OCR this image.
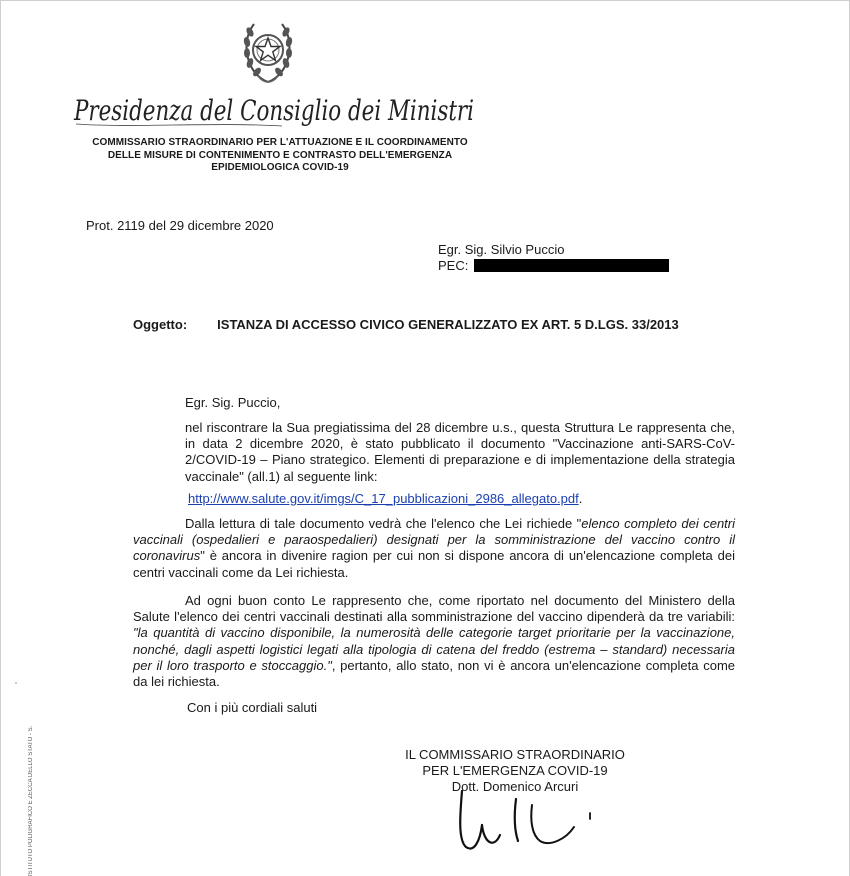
Presidenza del Consiglio dei Ministri
COMMISSARIO STRAORDINARIO PER L'ATTUAZIONE E IL COORDINAMENTO
DELLE MISURE DI CONTENIMENTO E CONTRASTO DELL'EMERGENZA
EPIDEMIOLOGICA COVID-19
Prot. 2119 del 29 dicembre 2020
Egr. Sig. Silvio Puccio
PEC:
Oggetto: ISTANZA DI ACCESSO CIVICO GENERALIZZATO EX ART. 5 D.LGS. 33/2013
Egr. Sig. Puccio,
nel riscontrare la Sua pregiatissima del 28 dicembre u.s., questa Struttura Le rappresenta che, in data 2 dicembre 2020, è stato pubblicato il documento "Vaccinazione anti-SARS-CoV-2/COVID-19 – Piano strategico. Elementi di preparazione e di implementazione della strategia vaccinale" (all.1) al seguente link:
http://www.salute.gov.it/imgs/C_17_pubblicazioni_2986_allegato.pdf.
Dalla lettura di tale documento vedrà che l'elenco che Lei richiede "elenco completo dei centri vaccinali (ospedalieri e paraospedalieri) designati per la somministrazione del vaccino contro il coronavirus" è ancora in divenire ragion per cui non si dispone ancora di un'elencazione completa dei centri vaccinali come da Lei richiesta.
Ad ogni buon conto Le rappresento che, come riportato nel documento del Ministero della Salute l'elenco dei centri vaccinali destinati alla somministrazione del vaccino dipenderà da tre variabili: "la quantità di vaccino disponibile, la numerosità delle categorie target prioritarie per la vaccinazione, nonché, dagli aspetti logistici legati alla tipologia di catena del freddo (estrema – standard) necessaria per il loro trasporto e stoccaggio.", pertanto, allo stato, non vi è ancora un'elencazione completa come da lei richiesta.
Con i più cordiali saluti
IL COMMISSARIO STRAORDINARIO
PER L'EMERGENZA COVID-19
Dott. Domenico Arcuri
ISTITUTO POLIGRAFICO E ZECCA DELLO STATO - S.
